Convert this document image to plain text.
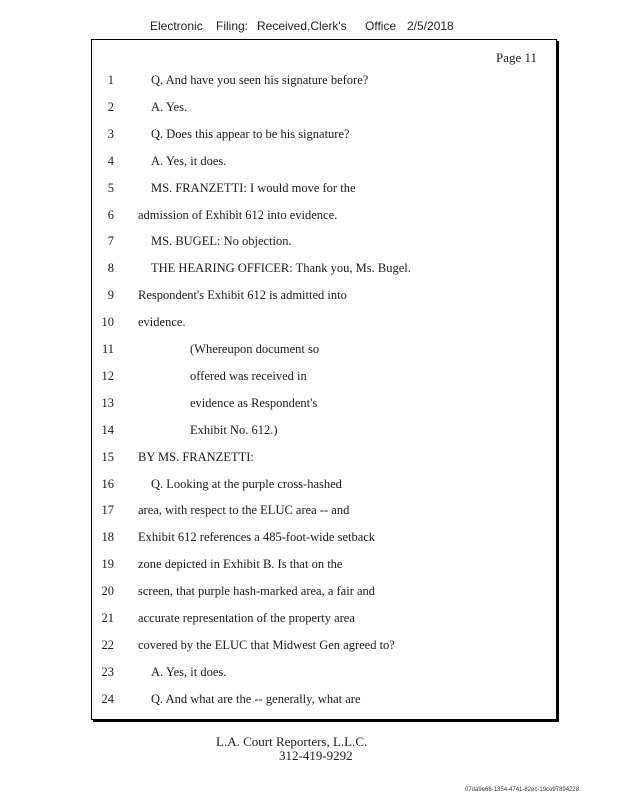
Electronic Filing: Received,Clerk's Office 2/5/2018
Page 11
1	Q. And have you seen his signature before?
2	A. Yes.
3	Q. Does this appear to be his signature?
4	A. Yes, it does.
5	MS. FRANZETTI: I would move for the
6 admission of Exhibit 612 into evidence.
7	MS. BUGEL: No objection.
8	THE HEARING OFFICER: Thank you, Ms. Bugel.
9 Respondent's Exhibit 612 is admitted into
10 evidence.
11	(Whereupon document so
12	offered was received in
13	evidence as Respondent's
14	Exhibit No. 612.)
15 BY MS. FRANZETTI:
16	Q. Looking at the purple cross-hashed
17 area, with respect to the ELUC area -- and
18 Exhibit 612 references a 485-foot-wide setback
19 zone depicted in Exhibit B. Is that on the
20 screen, that purple hash-marked area, a fair and
21 accurate representation of the property area
22 covered by the ELUC that Midwest Gen agreed to?
23	A. Yes, it does.
24	Q. And what are the -- generally, what are
L.A. Court Reporters, L.L.C.
312-419-9292
07da9e68-1354-4741-82ec-19ce97894228
